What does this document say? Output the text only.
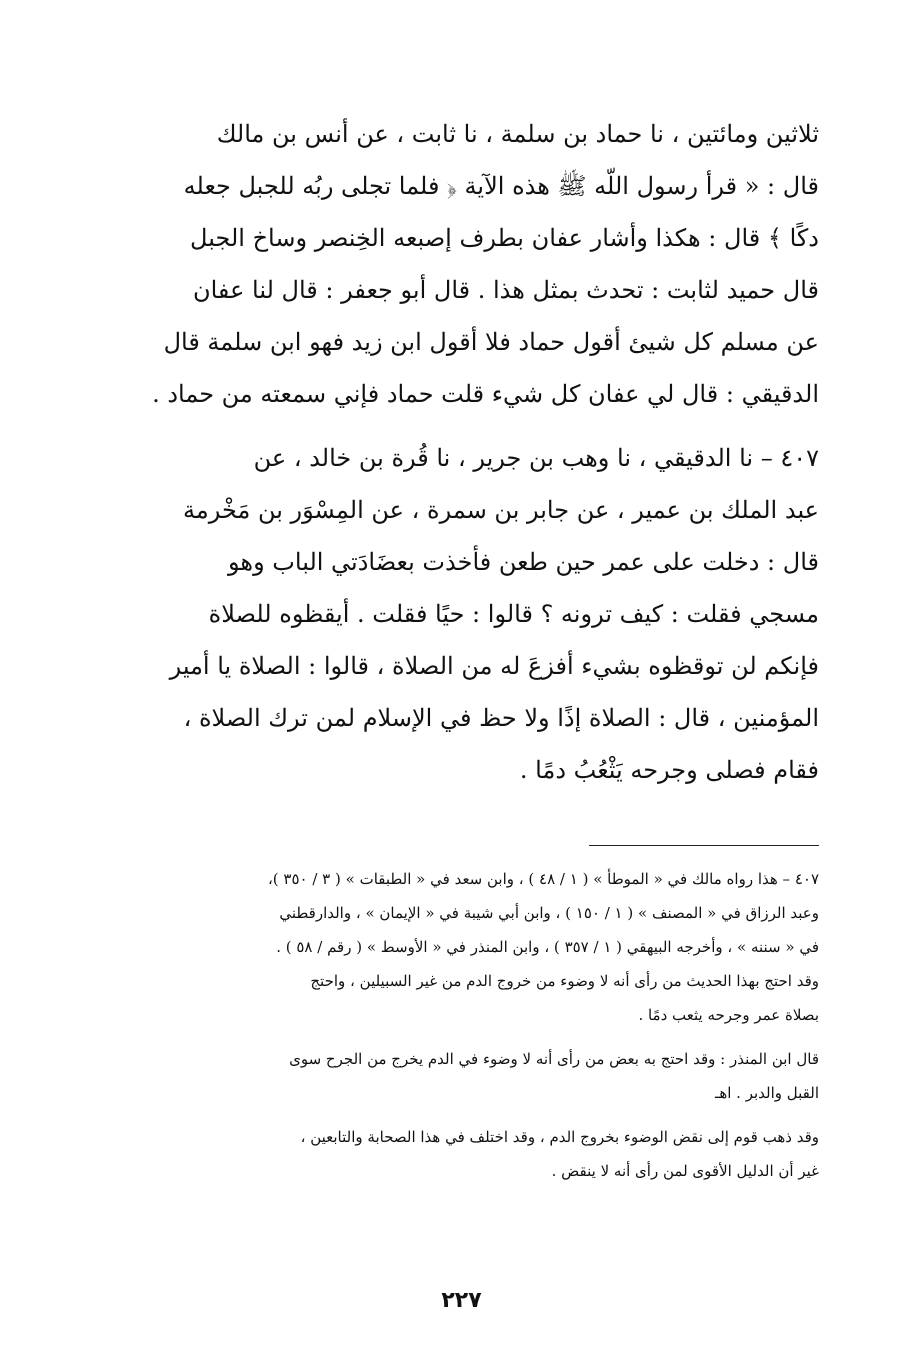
ثلاثين ومائتين ، نا حماد بن سلمة ، نا ثابت ، عن أنس بن مالك
قال : « قرأ رسول اللّه ﷺ هذه الآية ﴿ فلما تجلى ربُه للجبل جعله
دكًا ﴾ قال : هكذا وأشار عفان بطرف إصبعه الخِنصر وساخ الجبل
قال حميد لثابت : تحدث بمثل هذا . قال أبو جعفر : قال لنا عفان
عن مسلم كل شيئ أقول حماد فلا أقول ابن زيد فهو ابن سلمة قال
الدقيقي : قال لي عفان كل شيء قلت حماد فإني سمعته من حماد .
٤٠٧ – نا الدقيقي ، نا وهب بن جرير ، نا قُرة بن خالد ، عن
عبد الملك بن عمير ، عن جابر بن سمرة ، عن المِسْوَر بن مَخْرمة
قال : دخلت على عمر حين طعن فأخذت بعضَادَتي الباب وهو
مسجي فقلت : كيف ترونه ؟ قالوا : حيًا فقلت . أيقظوه للصلاة
فإنكم لن توقظوه بشيء أفزعَ له من الصلاة ، قالوا : الصلاة يا أمير
المؤمنين ، قال : الصلاة إذًا ولا حظ في الإسلام لمن ترك الصلاة ،
فقام فصلى وجرحه يَثْعُبُ دمًا .
٤٠٧ – هذا رواه مالك في « الموطأ » ( ١ / ٤٨ ) ، وابن سعد في « الطبقات » ( ٣ / ٣٥٠ )،
وعبد الرزاق في « المصنف » ( ١ / ١٥٠ ) ، وابن أبي شيبة في « الإيمان » ، والدارقطني
في « سننه » ، وأخرجه البيهقي ( ١ / ٣٥٧ ) ، وابن المنذر في « الأوسط » ( رقم / ٥٨ ) .
وقد احتج بهذا الحديث من رأى أنه لا وضوء من خروج الدم من غير السبيلين ، واحتج
بصلاة عمر وجرحه يثعب دمًا .
قال ابن المنذر : وقد احتج به بعض من رأى أنه لا وضوء في الدم يخرج من الجرح سوى
القبل والدبر . اهـ
وقد ذهب قوم إلى نقض الوضوء بخروج الدم ، وقد اختلف في هذا الصحابة والتابعين ،
غير أن الدليل الأقوى لمن رأى أنه لا ينقض .
٢٢٧
